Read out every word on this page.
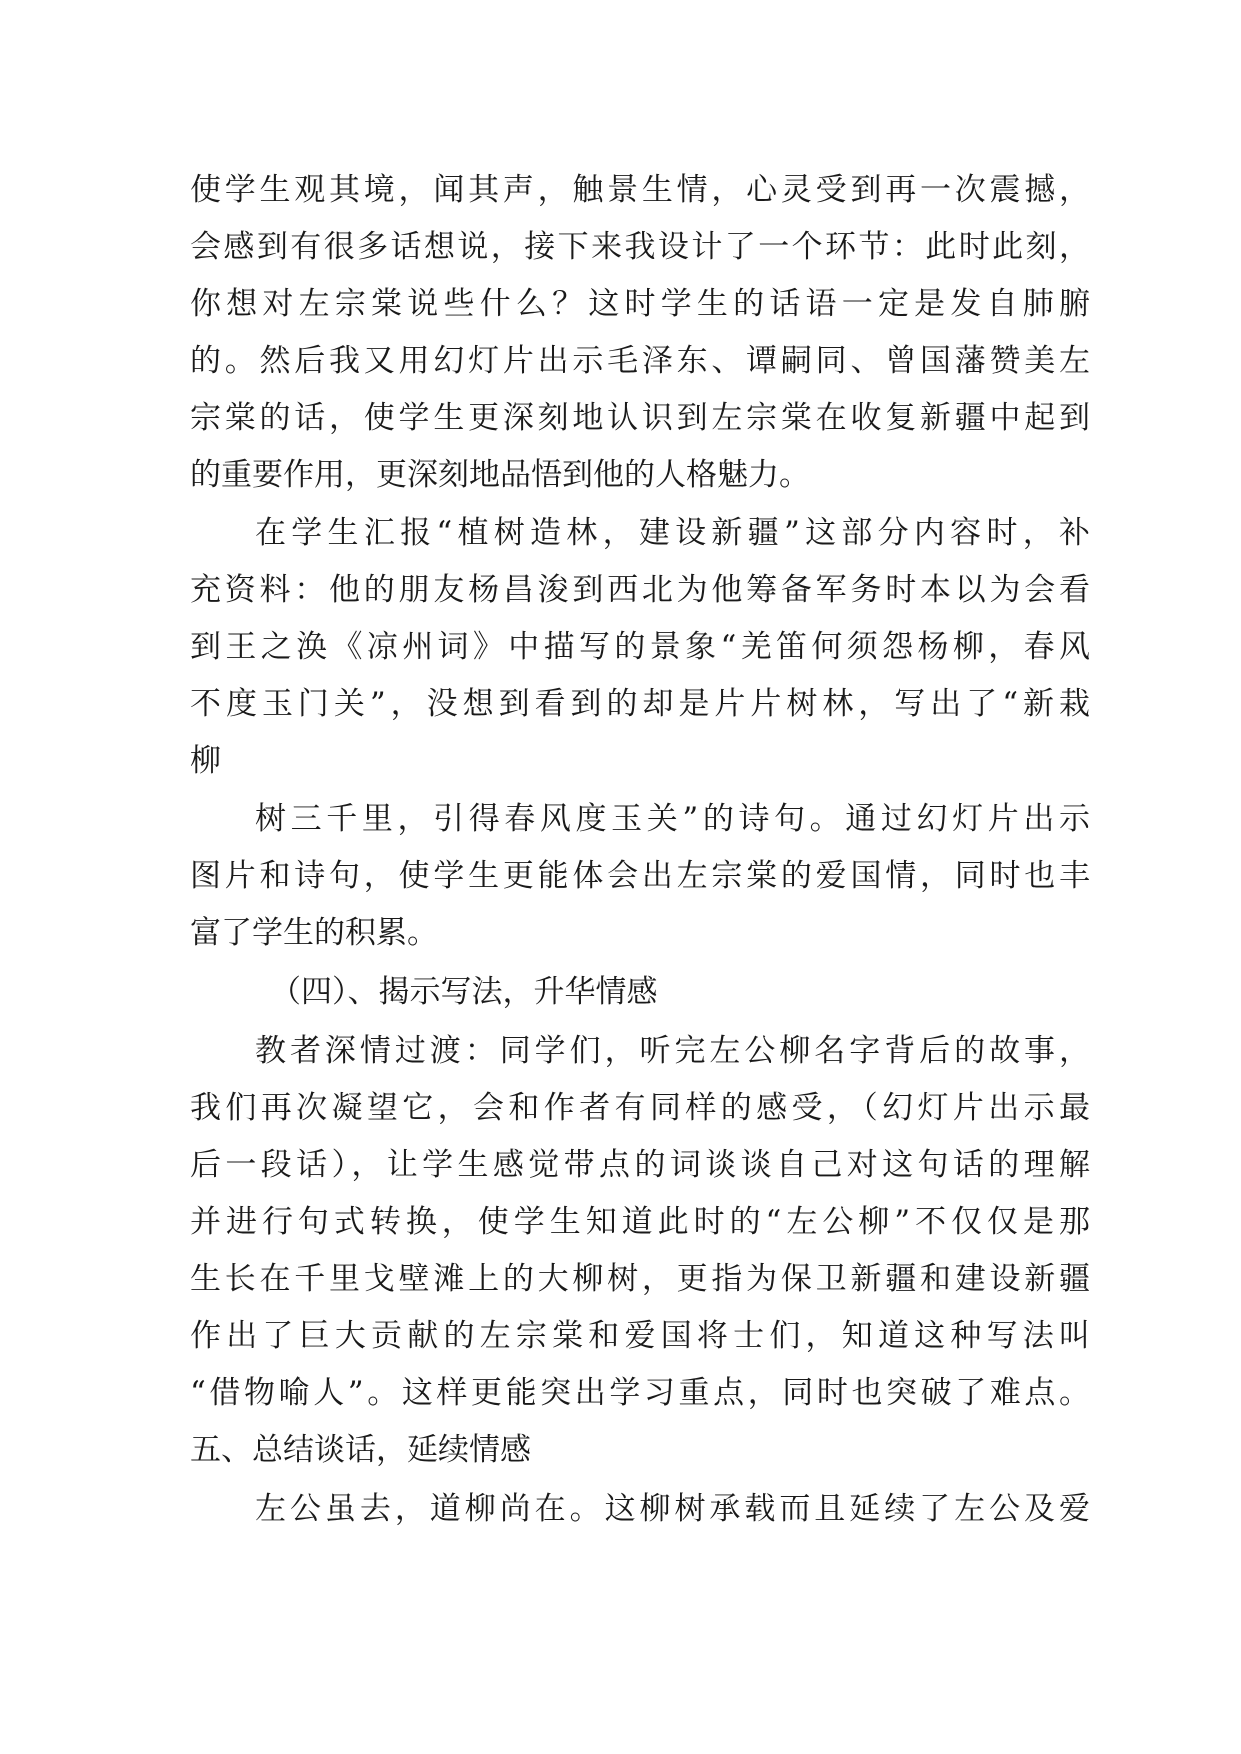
使学生观其境，闻其声，触景生情，心灵受到再一次震撼，
会感到有很多话想说，接下来我设计了一个环节：此时此刻，
你想对左宗棠说些什么？这时学生的话语一定是发自肺腑
的。然后我又用幻灯片出示毛泽东、谭嗣同、曾国藩赞美左
宗棠的话，使学生更深刻地认识到左宗棠在收复新疆中起到
的重要作用，更深刻地品悟到他的人格魅力。
在学生汇报“植树造林，建设新疆”这部分内容时，补
充资料：他的朋友杨昌浚到西北为他筹备军务时本以为会看
到王之涣《凉州词》中描写的景象“羌笛何须怨杨柳，春风
不度玉门关”，没想到看到的却是片片树林，写出了“新栽
柳
树三千里，引得春风度玉关”的诗句。通过幻灯片出示
图片和诗句，使学生更能体会出左宗棠的爱国情，同时也丰
富了学生的积累。
（四）、揭示写法，升华情感
教者深情过渡：同学们，听完左公柳名字背后的故事，
我们再次凝望它，会和作者有同样的感受，（幻灯片出示最
后一段话），让学生感觉带点的词谈谈自己对这句话的理解
并进行句式转换，使学生知道此时的“左公柳”不仅仅是那
生长在千里戈壁滩上的大柳树，更指为保卫新疆和建设新疆
作出了巨大贡献的左宗棠和爱国将士们，知道这种写法叫
“借物喻人”。这样更能突出学习重点，同时也突破了难点。
五、总结谈话，延续情感
左公虽去，道柳尚在。这柳树承载而且延续了左公及爱
